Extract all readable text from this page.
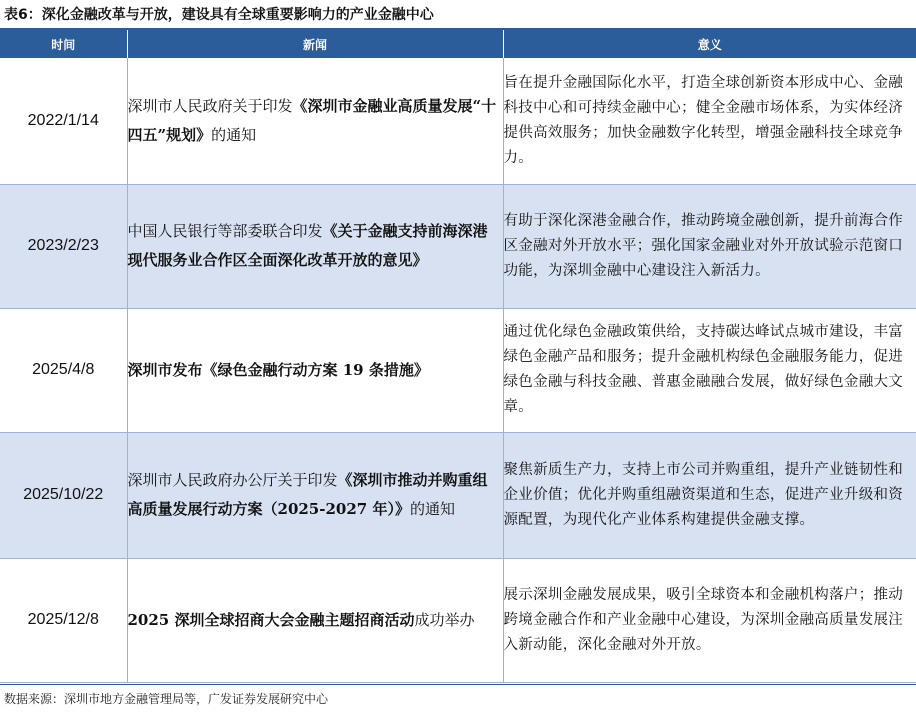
表6：深化金融改革与开放，建设具有全球重要影响力的产业金融中心
时间	新闻	意义
2022/1/14	深圳市人民政府关于印发《深圳市金融业高质量发展“十四五”规划》的通知	旨在提升金融国际化水平，打造全球创新资本形成中心、金融科技中心和可持续金融中心；健全金融市场体系，为实体经济提供高效服务；加快金融数字化转型，增强金融科技全球竞争力。
2023/2/23	中国人民银行等部委联合印发《关于金融支持前海深港现代服务业合作区全面深化改革开放的意见》	有助于深化深港金融合作，推动跨境金融创新，提升前海合作区金融对外开放水平；强化国家金融业对外开放试验示范窗口功能，为深圳金融中心建设注入新活力。
2025/4/8	深圳市发布《绿色金融行动方案 19 条措施》	通过优化绿色金融政策供给，支持碳达峰试点城市建设，丰富绿色金融产品和服务；提升金融机构绿色金融服务能力，促进绿色金融与科技金融、普惠金融融合发展，做好绿色金融大文章。
2025/10/22	深圳市人民政府办公厅关于印发《深圳市推动并购重组高质量发展行动方案（2025-2027 年）》的通知	聚焦新质生产力，支持上市公司并购重组，提升产业链韧性和企业价值；优化并购重组融资渠道和生态，促进产业升级和资源配置，为现代化产业体系构建提供金融支撑。
2025/12/8	2025 深圳全球招商大会金融主题招商活动成功举办	展示深圳金融发展成果，吸引全球资本和金融机构落户；推动跨境金融合作和产业金融中心建设，为深圳金融高质量发展注入新动能，深化金融对外开放。
数据来源：深圳市地方金融管理局等，广发证券发展研究中心
